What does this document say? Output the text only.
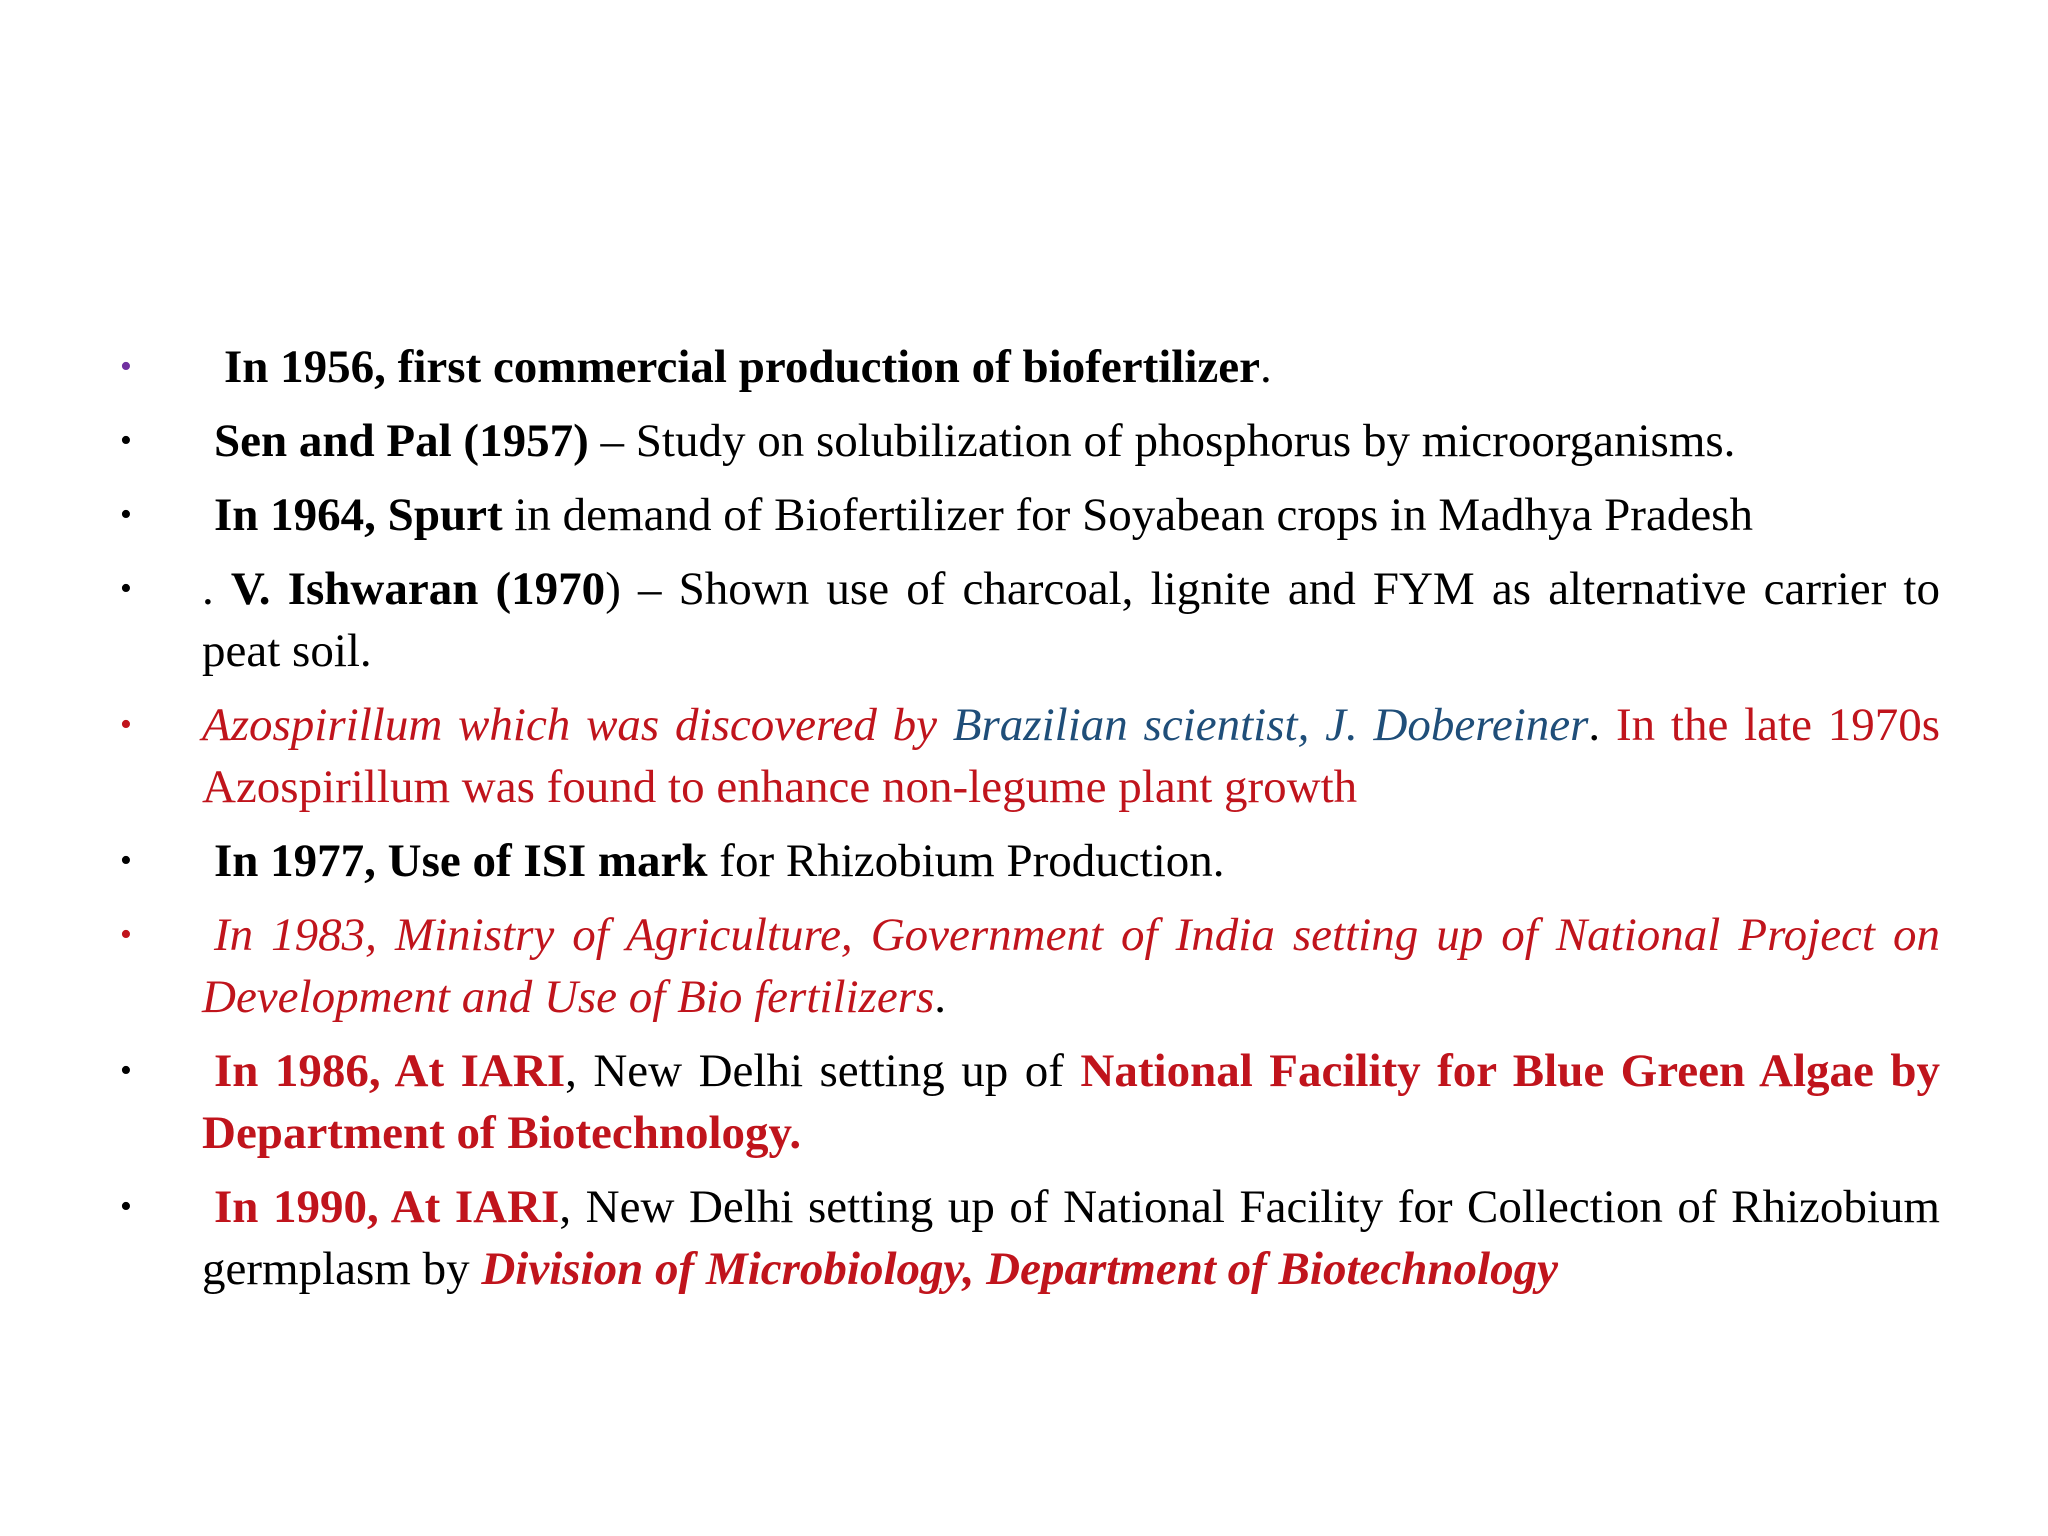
•	In 1956, first commercial production of biofertilizer.
•	Sen and Pal (1957) – Study on solubilization of phosphorus by microorganisms.
•	In 1964, Spurt in demand of Biofertilizer for Soyabean crops in Madhya Pradesh
•	. V. Ishwaran (1970) – Shown use of charcoal, lignite and FYM as alternative carrier to peat soil.
•	Azospirillum which was discovered by Brazilian scientist, J. Dobereiner. In the late 1970s Azospirillum was found to enhance non-legume plant growth
•	In 1977, Use of ISI mark for Rhizobium Production.
•	In 1983, Ministry of Agriculture, Government of India setting up of National Project on Development and Use of Bio fertilizers.
•	In 1986, At IARI, New Delhi setting up of National Facility for Blue Green Algae by Department of Biotechnology.
•	In 1990, At IARI, New Delhi setting up of National Facility for Collection of Rhizobium germplasm by Division of Microbiology, Department of Biotechnology
